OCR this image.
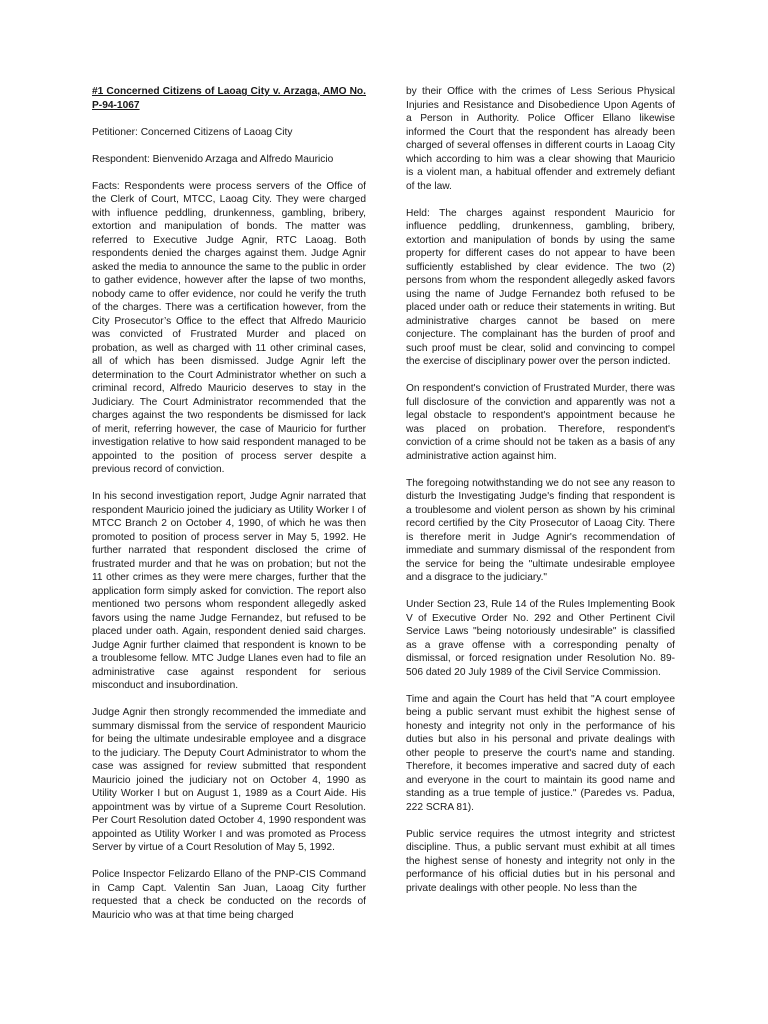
#1 Concerned Citizens of Laoag City v. Arzaga, AMO No. P-94-1067

Petitioner: Concerned Citizens of Laoag City

Respondent: Bienvenido Arzaga and Alfredo Mauricio

Facts: Respondents were process servers of the Office of the Clerk of Court, MTCC, Laoag City. They were charged with influence peddling, drunkenness, gambling, bribery, extortion and manipulation of bonds. The matter was referred to Executive Judge Agnir, RTC Laoag. Both respondents denied the charges against them. Judge Agnir asked the media to announce the same to the public in order to gather evidence, however after the lapse of two months, nobody came to offer evidence, nor could he verify the truth of the charges. There was a certification however, from the City Prosecutor’s Office to the effect that Alfredo Mauricio was convicted of Frustrated Murder and placed on probation, as well as charged with 11 other criminal cases, all of which has been dismissed. Judge Agnir left the determination to the Court Administrator whether on such a criminal record, Alfredo Mauricio deserves to stay in the Judiciary. The Court Administrator recommended that the charges against the two respondents be dismissed for lack of merit, referring however, the case of Mauricio for further investigation relative to how said respondent managed to be appointed to the position of process server despite a previous record of conviction.

In his second investigation report, Judge Agnir narrated that respondent Mauricio joined the judiciary as Utility Worker I of MTCC Branch 2 on October 4, 1990, of which he was then promoted to position of process server in May 5, 1992. He further narrated that respondent disclosed the crime of frustrated murder and that he was on probation; but not the 11 other crimes as they were mere charges, further that the application form simply asked for conviction. The report also mentioned two persons whom respondent allegedly asked favors using the name Judge Fernandez, but refused to be placed under oath. Again, respondent denied said charges. Judge Agnir further claimed that respondent is known to be a troublesome fellow. MTC Judge Llanes even had to file an administrative case against respondent for serious misconduct and insubordination.

Judge Agnir then strongly recommended the immediate and summary dismissal from the service of respondent Mauricio for being the ultimate undesirable employee and a disgrace to the judiciary. The Deputy Court Administrator to whom the case was assigned for review submitted that respondent Mauricio joined the judiciary not on October 4, 1990 as Utility Worker I but on August 1, 1989 as a Court Aide. His appointment was by virtue of a Supreme Court Resolution. Per Court Resolution dated October 4, 1990 respondent was appointed as Utility Worker I and was promoted as Process Server by virtue of a Court Resolution of May 5, 1992.

Police Inspector Felizardo Ellano of the PNP-CIS Command in Camp Capt. Valentin San Juan, Laoag City further requested that a check be conducted on the records of Mauricio who was at that time being charged

by their Office with the crimes of Less Serious Physical Injuries and Resistance and Disobedience Upon Agents of a Person in Authority. Police Officer Ellano likewise informed the Court that the respondent has already been charged of several offenses in different courts in Laoag City which according to him was a clear showing that Mauricio is a violent man, a habitual offender and extremely defiant of the law.

Held: The charges against respondent Mauricio for influence peddling, drunkenness, gambling, bribery, extortion and manipulation of bonds by using the same property for different cases do not appear to have been sufficiently established by clear evidence. The two (2) persons from whom the respondent allegedly asked favors using the name of Judge Fernandez both refused to be placed under oath or reduce their statements in writing. But administrative charges cannot be based on mere conjecture. The complainant has the burden of proof and such proof must be clear, solid and convincing to compel the exercise of disciplinary power over the person indicted.

On respondent's conviction of Frustrated Murder, there was full disclosure of the conviction and apparently was not a legal obstacle to respondent's appointment because he was placed on probation. Therefore, respondent's conviction of a crime should not be taken as a basis of any administrative action against him.

The foregoing notwithstanding we do not see any reason to disturb the Investigating Judge's finding that respondent is a troublesome and violent person as shown by his criminal record certified by the City Prosecutor of Laoag City. There is therefore merit in Judge Agnir's recommendation of immediate and summary dismissal of the respondent from the service for being the "ultimate undesirable employee and a disgrace to the judiciary."

Under Section 23, Rule 14 of the Rules Implementing Book V of Executive Order No. 292 and Other Pertinent Civil Service Laws "being notoriously undesirable" is classified as a grave offense with a corresponding penalty of dismissal, or forced resignation under Resolution No. 89-506 dated 20 July 1989 of the Civil Service Commission.

Time and again the Court has held that "A court employee being a public servant must exhibit the highest sense of honesty and integrity not only in the performance of his duties but also in his personal and private dealings with other people to preserve the court's name and standing. Therefore, it becomes imperative and sacred duty of each and everyone in the court to maintain its good name and standing as a true temple of justice." (Paredes vs. Padua, 222 SCRA 81).

Public service requires the utmost integrity and strictest discipline. Thus, a public servant must exhibit at all times the highest sense of honesty and integrity not only in the performance of his official duties but in his personal and private dealings with other people. No less than the
